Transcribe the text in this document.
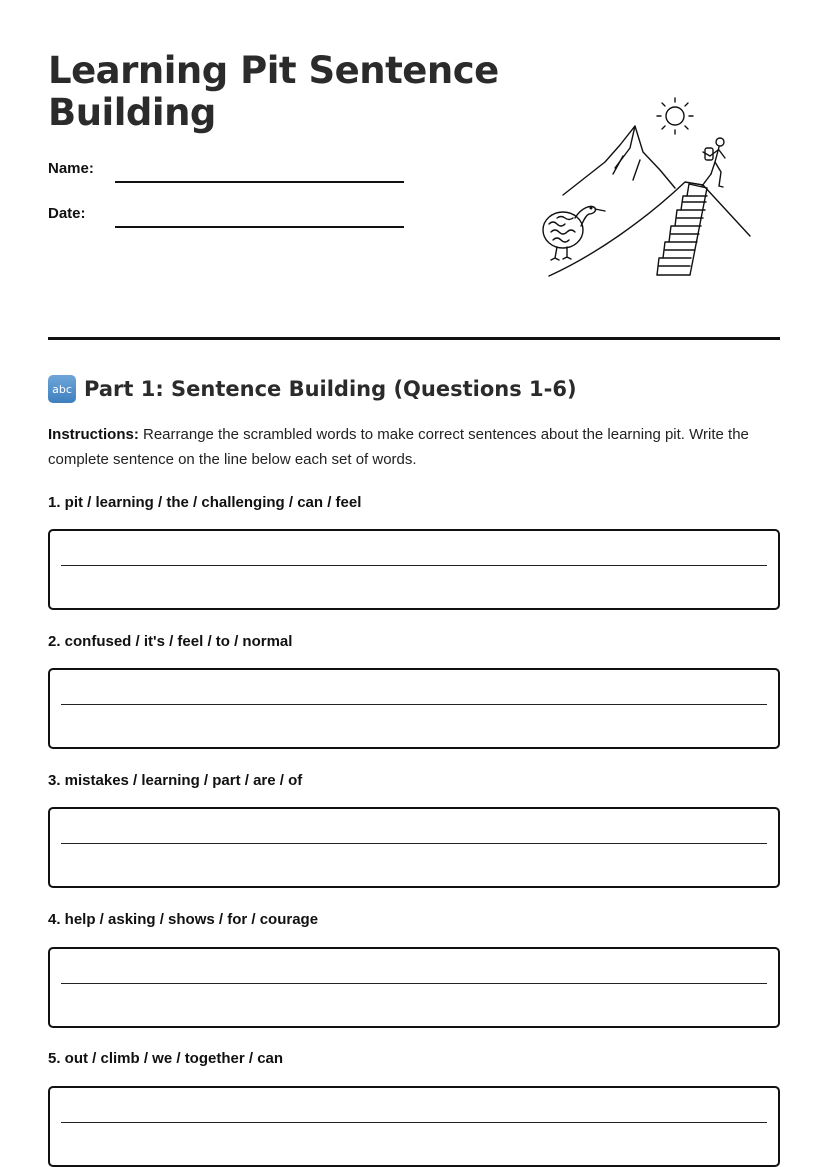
Learning Pit Sentence Building
Name:
Date:
abc Part 1: Sentence Building (Questions 1-6)
Instructions: Rearrange the scrambled words to make correct sentences about the learning pit. Write the complete sentence on the line below each set of words.
1. pit / learning / the / challenging / can / feel
2. confused / it's / feel / to / normal
3. mistakes / learning / part / are / of
4. help / asking / shows / for / courage
5. out / climb / we / together / can
